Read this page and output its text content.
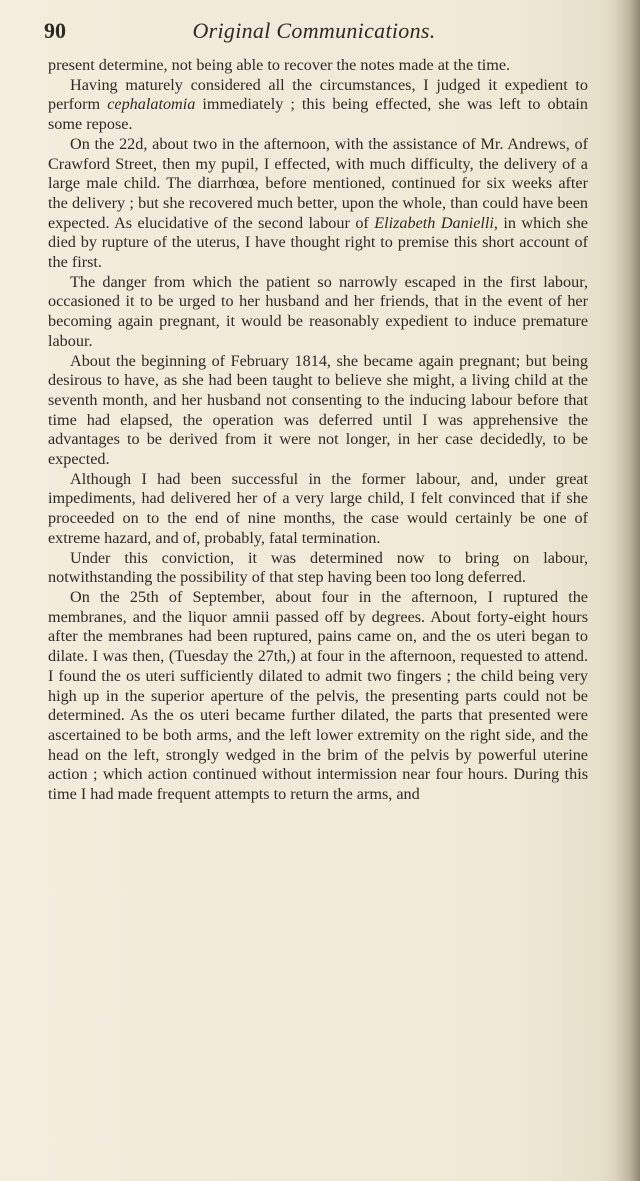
90	Original Communications.

present determine, not being able to recover the notes made at the time.

Having maturely considered all the circumstances, I judged it expedient to perform cephalatomia immediately ; this being effected, she was left to obtain some repose.

On the 22d, about two in the afternoon, with the assistance of Mr. Andrews, of Crawford Street, then my pupil, I effected, with much difficulty, the delivery of a large male child. The diarrhœa, before mentioned, continued for six weeks after the delivery ; but she recovered much better, upon the whole, than could have been expected. As elucidative of the second labour of Elizabeth Danielli, in which she died by rupture of the uterus, I have thought right to premise this short account of the first.

The danger from which the patient so narrowly escaped in the first labour, occasioned it to be urged to her husband and her friends, that in the event of her becoming again pregnant, it would be reasonably expedient to induce premature labour.

About the beginning of February 1814, she became again pregnant; but being desirous to have, as she had been taught to believe she might, a living child at the seventh month, and her husband not consenting to the inducing labour before that time had elapsed, the operation was deferred until I was apprehensive the advantages to be derived from it were not longer, in her case decidedly, to be expected.

Although I had been successful in the former labour, and, under great impediments, had delivered her of a very large child, I felt convinced that if she proceeded on to the end of nine months, the case would certainly be one of extreme hazard, and of, probably, fatal termination.

Under this conviction, it was determined now to bring on labour, notwithstanding the possibility of that step having been too long deferred.

On the 25th of September, about four in the afternoon, I ruptured the membranes, and the liquor amnii passed off by degrees. About forty-eight hours after the membranes had been ruptured, pains came on, and the os uteri began to dilate. I was then, (Tuesday the 27th,) at four in the afternoon, requested to attend. I found the os uteri sufficiently dilated to admit two fingers ; the child being very high up in the superior aperture of the pelvis, the presenting parts could not be determined. As the os uteri became further dilated, the parts that presented were ascertained to be both arms, and the left lower extremity on the right side, and the head on the left, strongly wedged in the brim of the pelvis by powerful uterine action ; which action continued without intermission near four hours. During this time I had made frequent attempts to return the arms, and
